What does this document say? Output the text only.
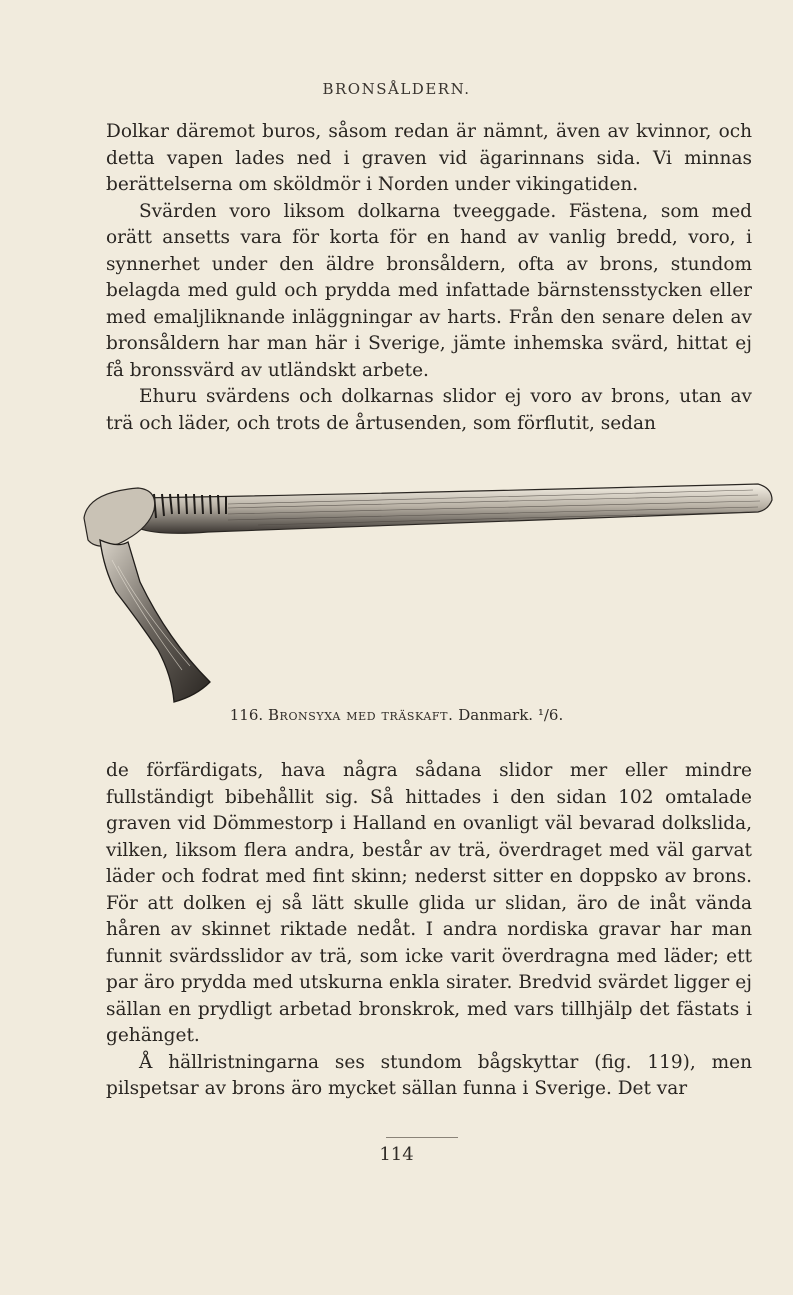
BRONSÅLDERN.

Dolkar däremot buros, såsom redan är nämnt, även av kvinnor, och detta vapen lades ned i graven vid ägarinnans sida. Vi minnas berättelserna om sköldmör i Norden under vikingatiden.

Svärden voro liksom dolkarna tveeggade. Fästena, som med orätt ansetts vara för korta för en hand av vanlig bredd, voro, i synnerhet under den äldre bronsåldern, ofta av brons, stundom belagda med guld och prydda med infattade bärnstensstycken eller med emaljliknande inläggningar av harts. Från den senare delen av bronsåldern har man här i Sverige, jämte inhemska svärd, hittat ej få bronssvärd av utländskt arbete.

Ehuru svärdens och dolkarnas slidor ej voro av brons, utan av trä och läder, och trots de årtusenden, som förflutit, sedan

116. Bronsyxa med träskaft. Danmark. ¹/6.

de förfärdigats, hava några sådana slidor mer eller mindre fullständigt bibehållit sig. Så hittades i den sidan 102 omtalade graven vid Dömmestorp i Halland en ovanligt väl bevarad dolkslida, vilken, liksom flera andra, består av trä, överdraget med väl garvat läder och fodrat med fint skinn; nederst sitter en doppsko av brons. För att dolken ej så lätt skulle glida ur slidan, äro de inåt vända håren av skinnet riktade nedåt. I andra nordiska gravar har man funnit svärdsslidor av trä, som icke varit överdragna med läder; ett par äro prydda med utskurna enkla sirater. Bredvid svärdet ligger ej sällan en prydligt arbetad bronskrok, med vars tillhjälp det fästats i gehänget.

Å hällristningarna ses stundom bågskyttar (fig. 119), men pilspetsar av brons äro mycket sällan funna i Sverige. Det var

114
